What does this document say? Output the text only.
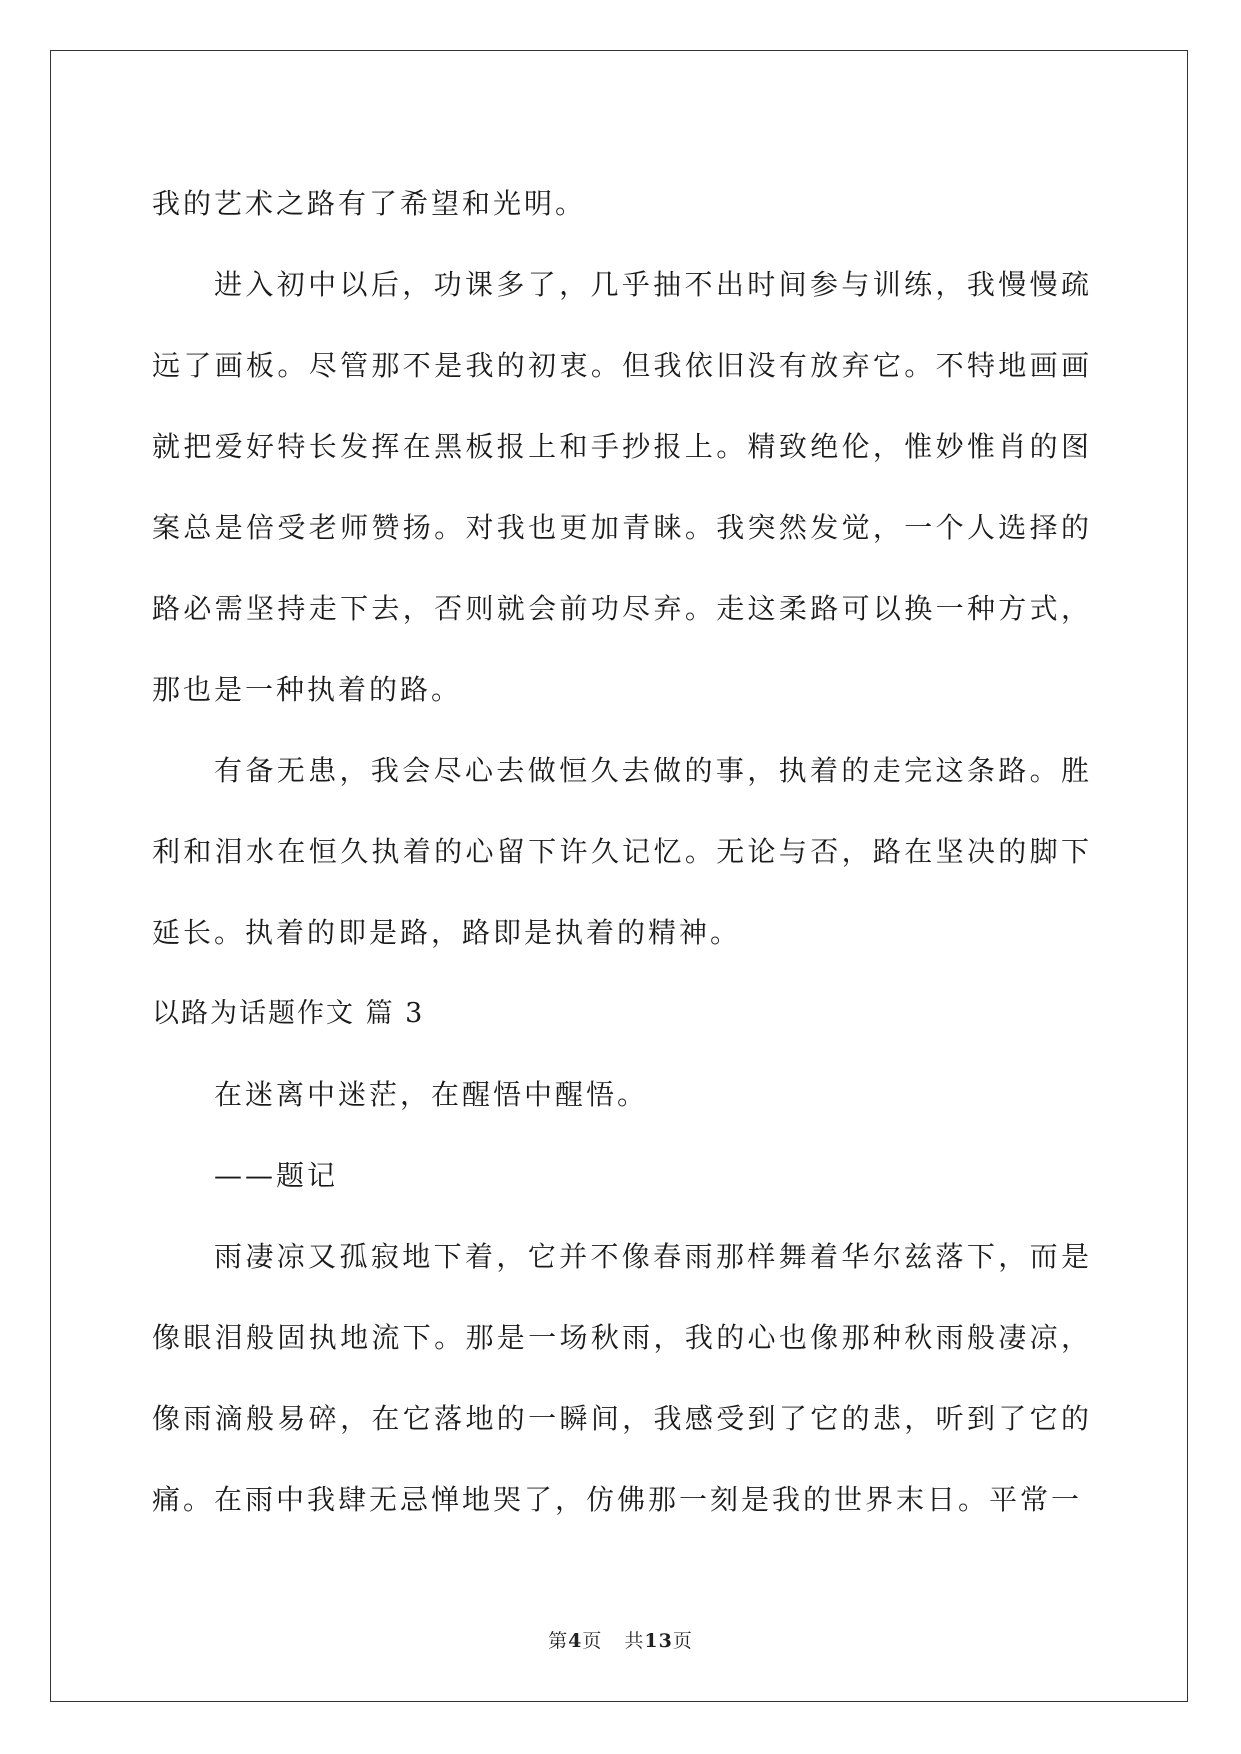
我的艺术之路有了希望和光明。

进入初中以后，功课多了，几乎抽不出时间参与训练，我慢慢疏远了画板。尽管那不是我的初衷。但我依旧没有放弃它。不特地画画就把爱好特长发挥在黑板报上和手抄报上。精致绝伦，惟妙惟肖的图案总是倍受老师赞扬。对我也更加青睐。我突然发觉，一个人选择的路必需坚持走下去，否则就会前功尽弃。走这柔路可以换一种方式，那也是一种执着的路。

有备无患，我会尽心去做恒久去做的事，执着的走完这条路。胜利和泪水在恒久执着的心留下许久记忆。无论与否，路在坚决的脚下延长。执着的即是路，路即是执着的精神。

以路为话题作文 篇 3

在迷离中迷茫，在醒悟中醒悟。

——题记

雨凄凉又孤寂地下着，它并不像春雨那样舞着华尔兹落下，而是像眼泪般固执地流下。那是一场秋雨，我的心也像那种秋雨般凄凉，像雨滴般易碎，在它落地的一瞬间，我感受到了它的悲，听到了它的痛。在雨中我肆无忌惮地哭了，仿佛那一刻是我的世界末日。平常一

第4页 共13页
